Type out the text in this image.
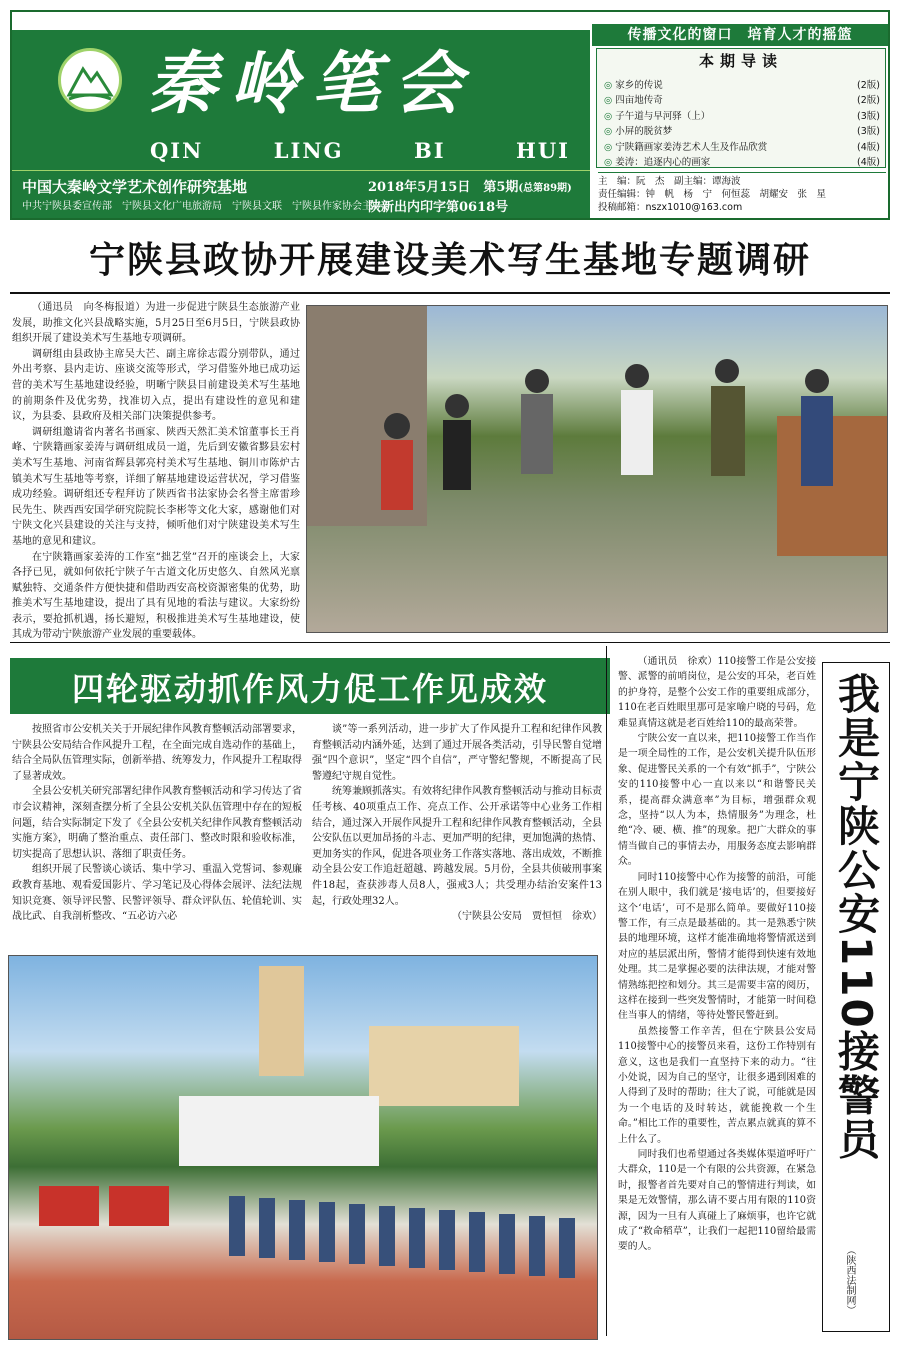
秦岭笔会
QIN	LING	BI	HUI
中国大秦岭文学艺术创作研究基地
中共宁陕县委宣传部　宁陕县文化广电旅游局　宁陕县文联　宁陕县作家协会主办
2018年5月15日　第5期(总第89期)
陕新出内印字第0618号
传播文化的窗口　培育人才的摇篮
本期导读
◎ 家乡的传说	(2版)
◎ 四亩地传奇	(2版)
◎ 子午道与早河驿（上）	(3版)
◎ 小屏的脱贫梦	(3版)
◎ 宁陕籍画家姜涛艺术人生及作品欣赏	(4版)
◎ 姜涛：追逐内心的画家	(4版)
主　编：阮　杰　副主编：谭海波
责任编辑：钟　帆　杨　宁　何恒蕊　胡耀安　张　星
投稿邮箱：nszx1010@163.com
宁陕县政协开展建设美术写生基地专题调研

（通迅员　向冬梅报道）为进一步促进宁陕县生态旅游产业发展，助推文化兴县战略实施，5月25日至6月5日，宁陕县政协组织开展了建设美术写生基地专项调研。

调研组由县政协主席吴大芒、副主席徐志霞分别带队，通过外出考察、县内走访、座谈交流等形式，学习借鉴外地已成功运营的美术写生基地建设经验，明晰宁陕县目前建设美术写生基地的前期条件及优劣势，找准切入点，提出有建设性的意见和建议，为县委、县政府及相关部门决策提供参考。

调研组邀请省内著名书画家、陕西天然汇美术馆董事长王肖峰、宁陕籍画家姜涛与调研组成员一道，先后到安徽省黟县宏村美术写生基地、河南省辉县郭亮村美术写生基地、铜川市陈炉古镇美术写生基地等考察，详细了解基地建设运营状况，学习借鉴成功经验。调研组还专程拜访了陕西省书法家协会名誉主席雷珍民先生、陕西西安国学研究院院长李彬等文化大家，感谢他们对宁陕文化兴县建设的关注与支持，倾听他们对宁陕建设美术写生基地的意见和建议。

在宁陕籍画家姜涛的工作室“拙艺堂”召开的座谈会上，大家各抒已见，就如何依托宁陕子午古道文化历史悠久、自然风光禀赋独特、交通条件方便快捷和借助西安高校资源密集的优势，助推美术写生基地建设，提出了具有见地的看法与建议。大家纷纷表示，要抢抓机遇，扬长避短，积极推进美术写生基地建设，使其成为带动宁陕旅游产业发展的重要载体。

四轮驱动抓作风力促工作见成效

按照省市公安机关关于开展纪律作风教育整顿活动部署要求，宁陕县公安局结合作风提升工程，在全面完成自选动作的基础上，结合全局队伍管理实际，创新举措、统筹发力，作风提升工程取得了显著成效。

全县公安机关研究部署纪律作风教育整顿活动和学习传达了省市会议精神，深刻查摆分析了全县公安机关队伍管理中存在的短板问题，结合实际制定下发了《全县公安机关纪律作风教育整顿活动实施方案》，明确了整治重点、责任部门、整改时限和验收标准，切实提高了思想认识、落细了职责任务。

组织开展了民警谈心谈话、集中学习、重温入党誓词、参观廉政教育基地、观看爱国影片、学习笔记及心得体会展评、法纪法规知识竞赛、领导评民警、民警评领导、群众评队伍、轮值轮训、实战比武、自我剖析整改、“五必访六必

谈”等一系列活动，进一步扩大了作风提升工程和纪律作风教育整顿活动内涵外延，达到了通过开展各类活动，引导民警自觉增强“四个意识”，坚定“四个自信”，严守警纪警规，不断提高了民警遵纪守规自觉性。

统筹兼顾抓落实。有效将纪律作风教育整顿活动与推动目标责任考核、40项重点工作、亮点工作、公开承诺等中心业务工作相结合，通过深入开展作风提升工程和纪律作风教育整顿活动，全县公安队伍以更加昂扬的斗志、更加严明的纪律，更加饱满的热情、更加务实的作风，促进各项业务工作落实落地、落出成效，不断推动全县公安工作追赶超越、跨越发展。5月份，全县共侦破刑事案件18起，查获涉毒人员8人，强戒3人；共受理办结治安案件13起，行政处理32人。

（宁陕县公安局　贾恒恒　徐欢）

（通讯员　徐欢）110接警工作是公安接警、派警的前哨岗位，是公安的耳朵，老百姓的护身符，是整个公安工作的重要组成部分，110在老百姓眼里那可是家喻户晓的号码，危难显真情这就是老百姓给110的最高荣誉。

宁陕公安一直以来，把110接警工作当作是一项全局性的工作，是公安机关提升队伍形象、促进警民关系的一个有效“抓手”，宁陕公安的110接警中心一直以来以“和谐警民关系，提高群众满意率”为目标，增强群众观念，坚持“以人为本，热情服务”为理念，杜绝“冷、硬、横、推”的现象。把广大群众的事情当做自己的事情去办，用服务态度去影响群众。

同时110接警中心作为接警的前沿，可能在别人眼中，我们就是‘接电话’的，但要接好这个‘电话’，可不是那么简单。要做好110接警工作，有三点是最基础的。其一是熟悉宁陕县的地理环境，这样才能准确地将警情派送到对应的基层派出所，警情才能得到快速有效地处理。其二是掌握必要的法律法规，才能对警情熟练把控和划分。其三是需要丰富的阅历，这样在接到一些突发警情时，才能第一时间稳住当事人的情绪，等待处警民警赶到。

虽然接警工作辛苦，但在宁陕县公安局110接警中心的接警员来看，这份工作特别有意义，这也是我们一直坚持下来的动力。“往小处说，因为自己的坚守，让很多遇到困难的人得到了及时的帮助；往大了说，可能就是因为一个电话的及时转达，就能挽救一个生命。”相比工作的重要性，苦点累点就真的算不上什么了。

同时我们也希望通过各类媒体渠道呼吁广大群众，110是一个有限的公共资源，在紧急时，报警者首先要对自己的警情进行判读，如果是无效警情，那么请不要占用有限的110资源，因为一旦有人真碰上了麻烦事，也许它就成了“救命稻草”，让我们一起把110留给最需要的人。

我是宁陕公安110接警员
（陕西法制网）
